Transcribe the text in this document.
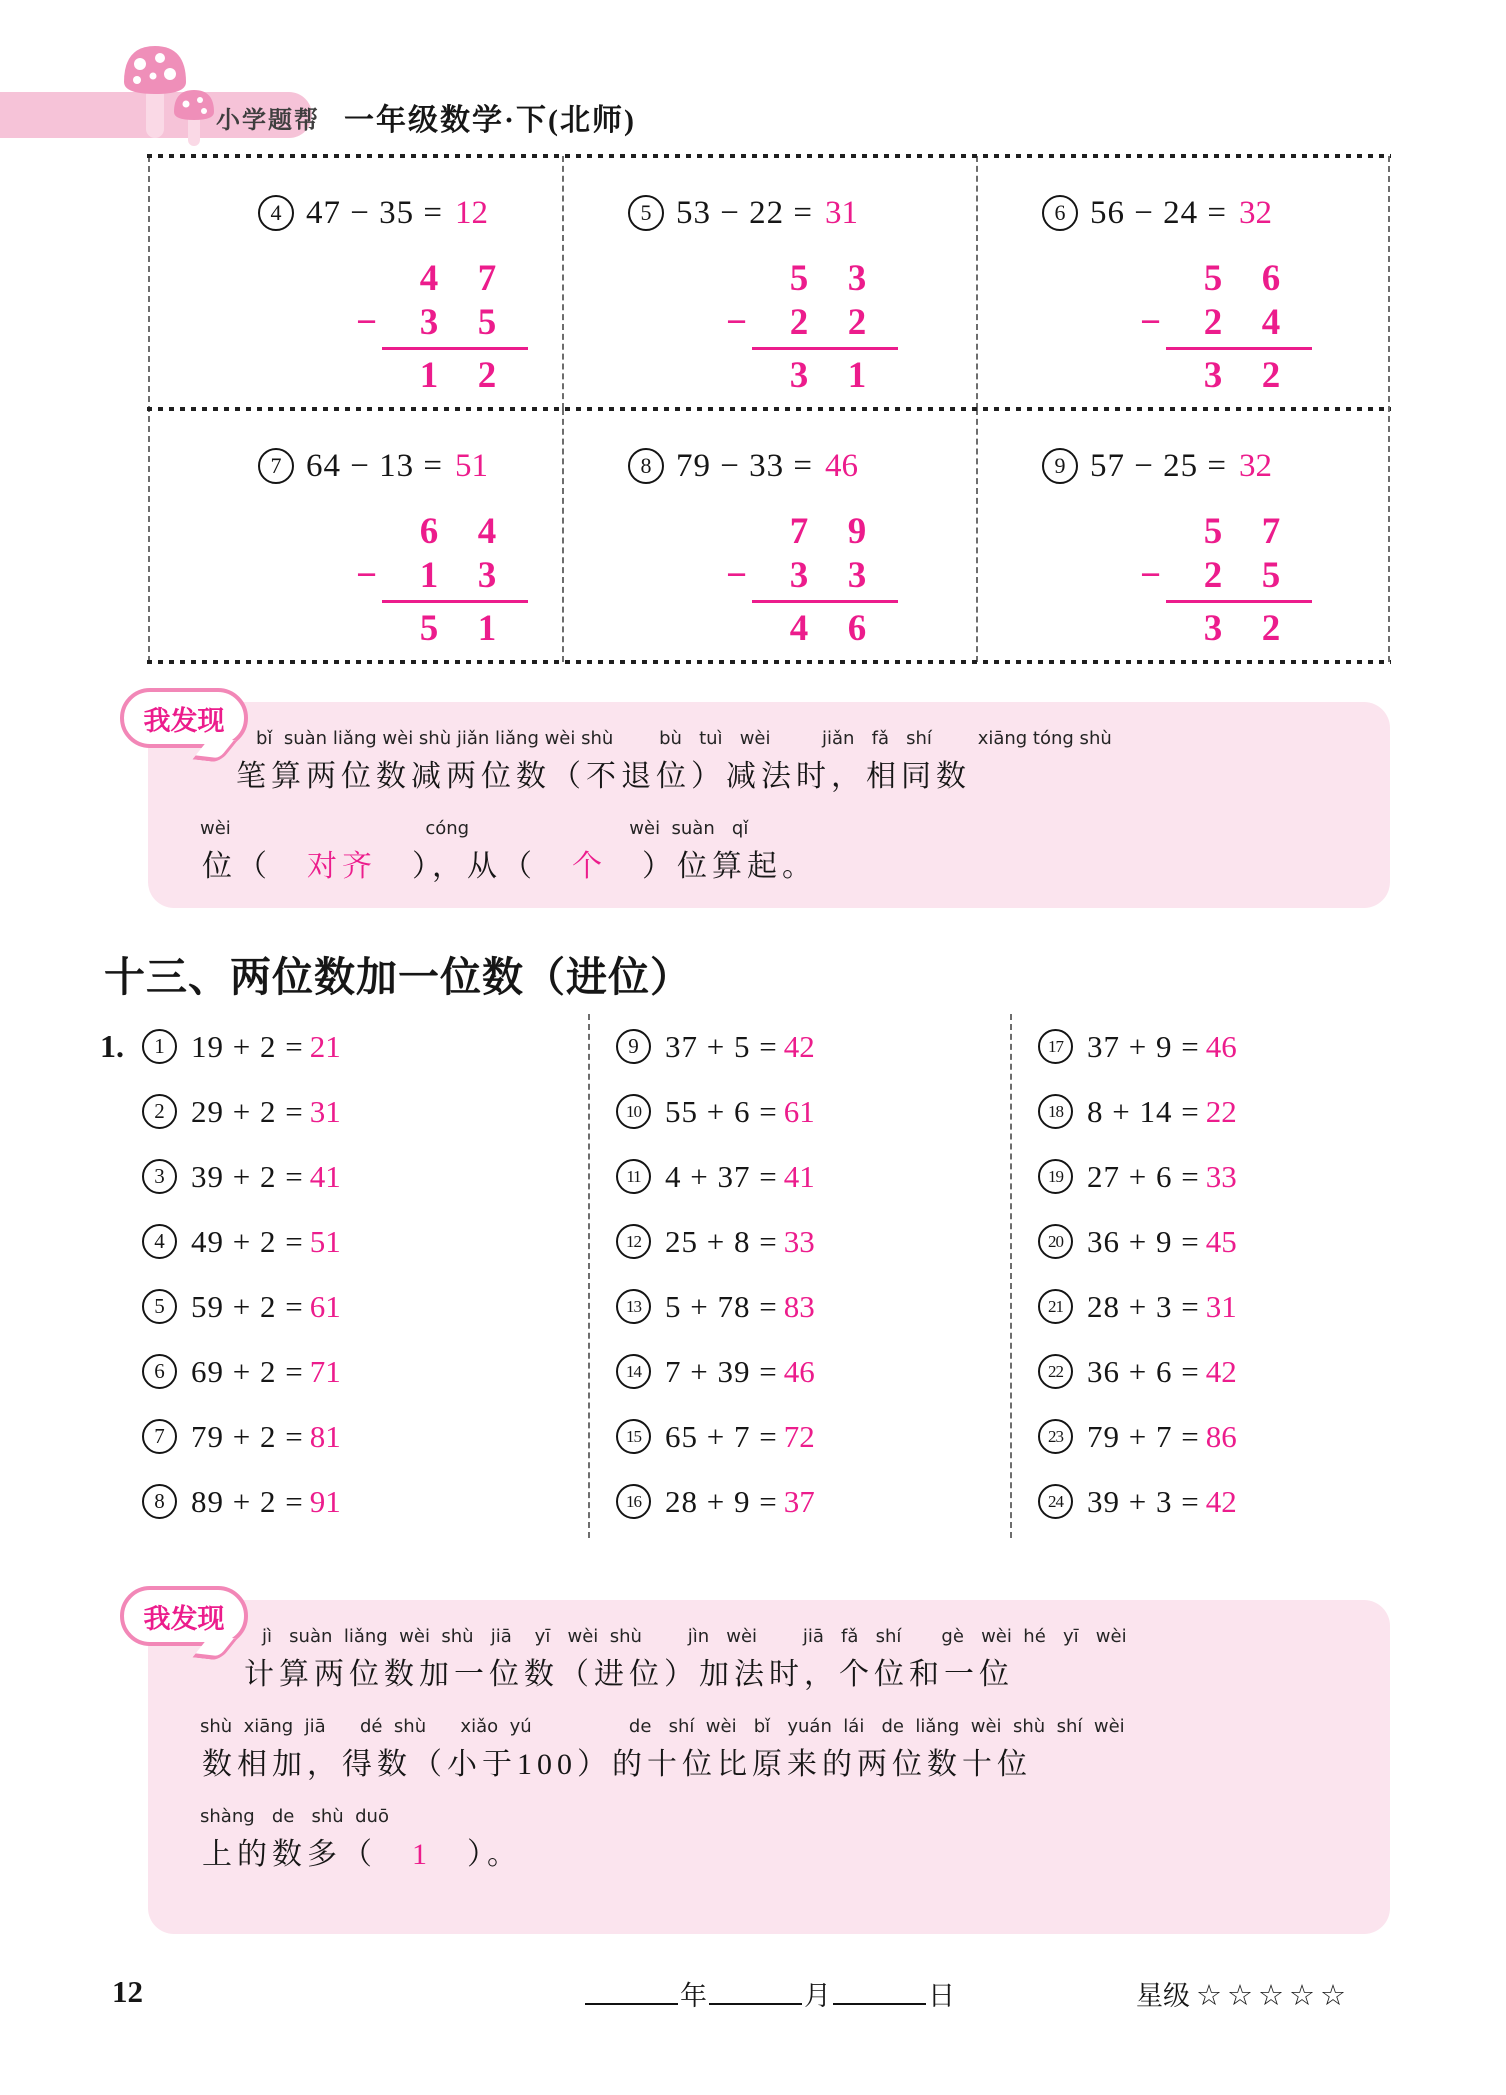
小学题帮 一年级数学·下(北师)
4 47 − 35 = 12
4	7
−	3	5
1	2
5 53 − 22 = 31
5	3
−	2	2
3	1
6 56 − 24 = 32
5	6
−	2	4
3	2
7 64 − 13 = 51
6	4
−	1	3
5	1
8 79 − 33 = 46
7	9
−	3	3
4	6
9 57 − 25 = 32
5	7
−	2	5
3	2
我发现
bǐ  suàn liǎng wèi shù jiǎn liǎng wèi shù        bù   tuì   wèi         jiǎn   fǎ   shí        xiāng tóng shù
笔算两位数减两位数（不退位）减法时，相同数
wèi                                  cóng                            wèi  suàn   qǐ
位（　对齐　），从（　个　）位算起。
十三、两位数加一位数（进位）
1.	1 19 + 2 = 21
2 29 + 2 = 31
3 39 + 2 = 41
4 49 + 2 = 51
5 59 + 2 = 61
6 69 + 2 = 71
7 79 + 2 = 81
8 89 + 2 = 91
9 37 + 5 = 42
10 55 + 6 = 61
11 4 + 37 = 41
12 25 + 8 = 33
13 5 + 78 = 83
14 7 + 39 = 46
15 65 + 7 = 72
16 28 + 9 = 37
17 37 + 9 = 46
18 8 + 14 = 22
19 27 + 6 = 33
20 36 + 9 = 45
21 28 + 3 = 31
22 36 + 6 = 42
23 79 + 7 = 86
24 39 + 3 = 42
我发现
jì   suàn  liǎng  wèi  shù   jiā    yī   wèi  shù        jìn   wèi        jiā   fǎ   shí       gè   wèi  hé   yī   wèi
计算两位数加一位数（进位）加法时，个位和一位
shù  xiāng  jiā      dé  shù      xiǎo  yú                 de   shí  wèi   bǐ   yuán  lái   de  liǎng  wèi  shù  shí  wèi
数相加，得数（小于100）的十位比原来的两位数十位
shàng   de   shù  duō
上的数多（　1　）。
12	年	月	日	星级 ☆☆☆☆☆
